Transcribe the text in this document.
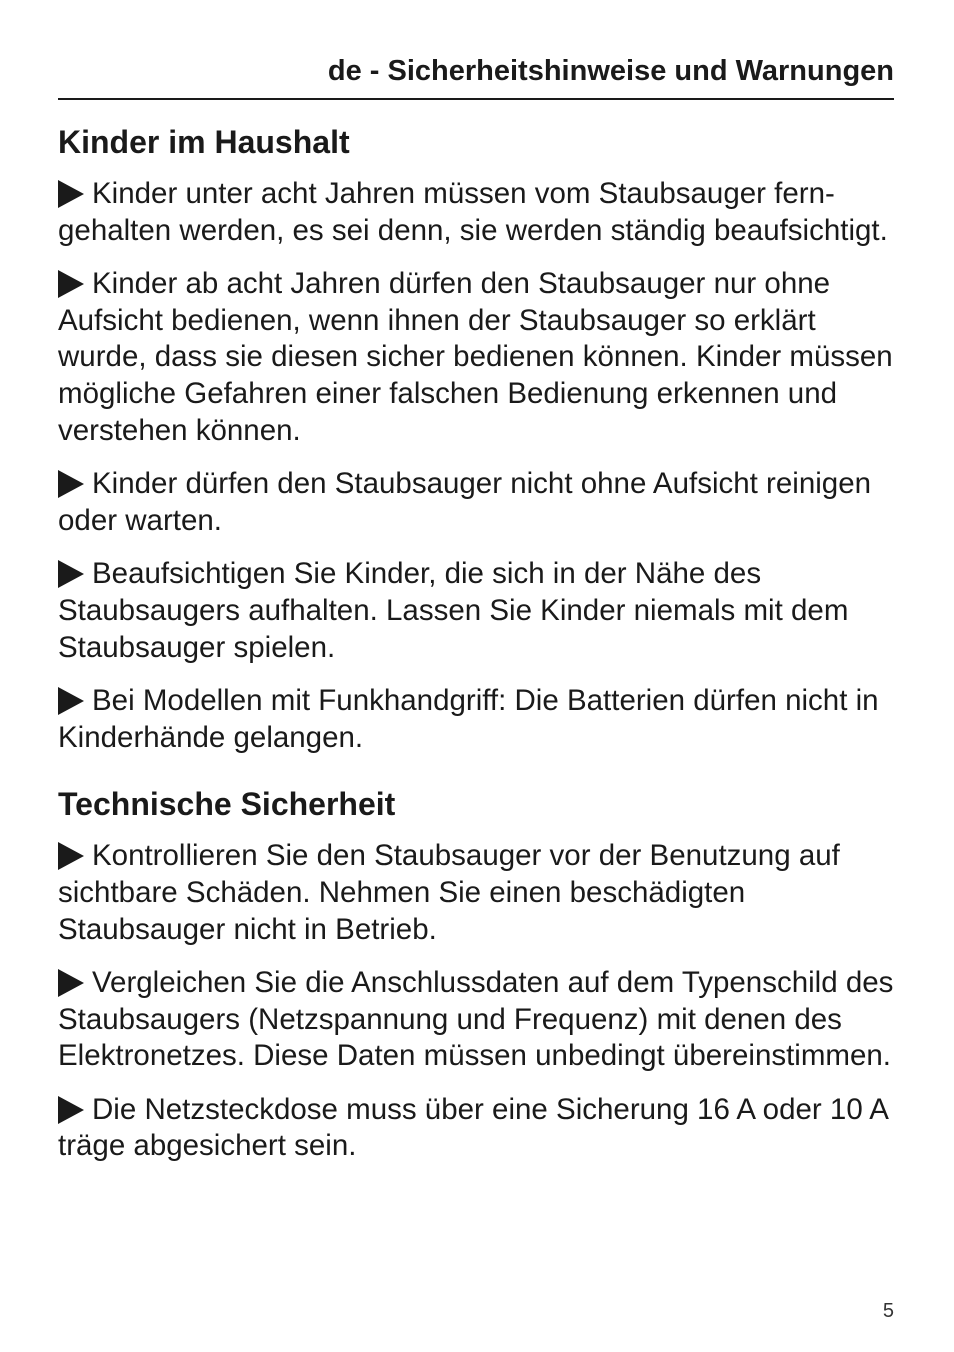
de - Sicherheitshinweise und Warnungen
Kinder im Haushalt

Kinder unter acht Jahren müssen vom Staubsauger ferngehalten werden, es sei denn, sie werden ständig beaufsichtigt.

Kinder ab acht Jahren dürfen den Staubsauger nur ohne Aufsicht bedienen, wenn ihnen der Staubsauger so erklärt wurde, dass sie diesen sicher bedienen können. Kinder müssen mögliche Gefahren einer falschen Bedienung erkennen und verstehen können.

Kinder dürfen den Staubsauger nicht ohne Aufsicht reinigen oder warten.

Beaufsichtigen Sie Kinder, die sich in der Nähe des Staubsaugers aufhalten. Lassen Sie Kinder niemals mit dem Staubsauger spielen.

Bei Modellen mit Funkhandgriff: Die Batterien dürfen nicht in Kinderhände gelangen.

Technische Sicherheit

Kontrollieren Sie den Staubsauger vor der Benutzung auf sichtbare Schäden. Nehmen Sie einen beschädigten Staubsauger nicht in Betrieb.

Vergleichen Sie die Anschlussdaten auf dem Typenschild des Staubsaugers (Netzspannung und Frequenz) mit denen des Elektronetzes. Diese Daten müssen unbedingt übereinstimmen.

Die Netzsteckdose muss über eine Sicherung 16 A oder 10 A träge abgesichert sein.

5
